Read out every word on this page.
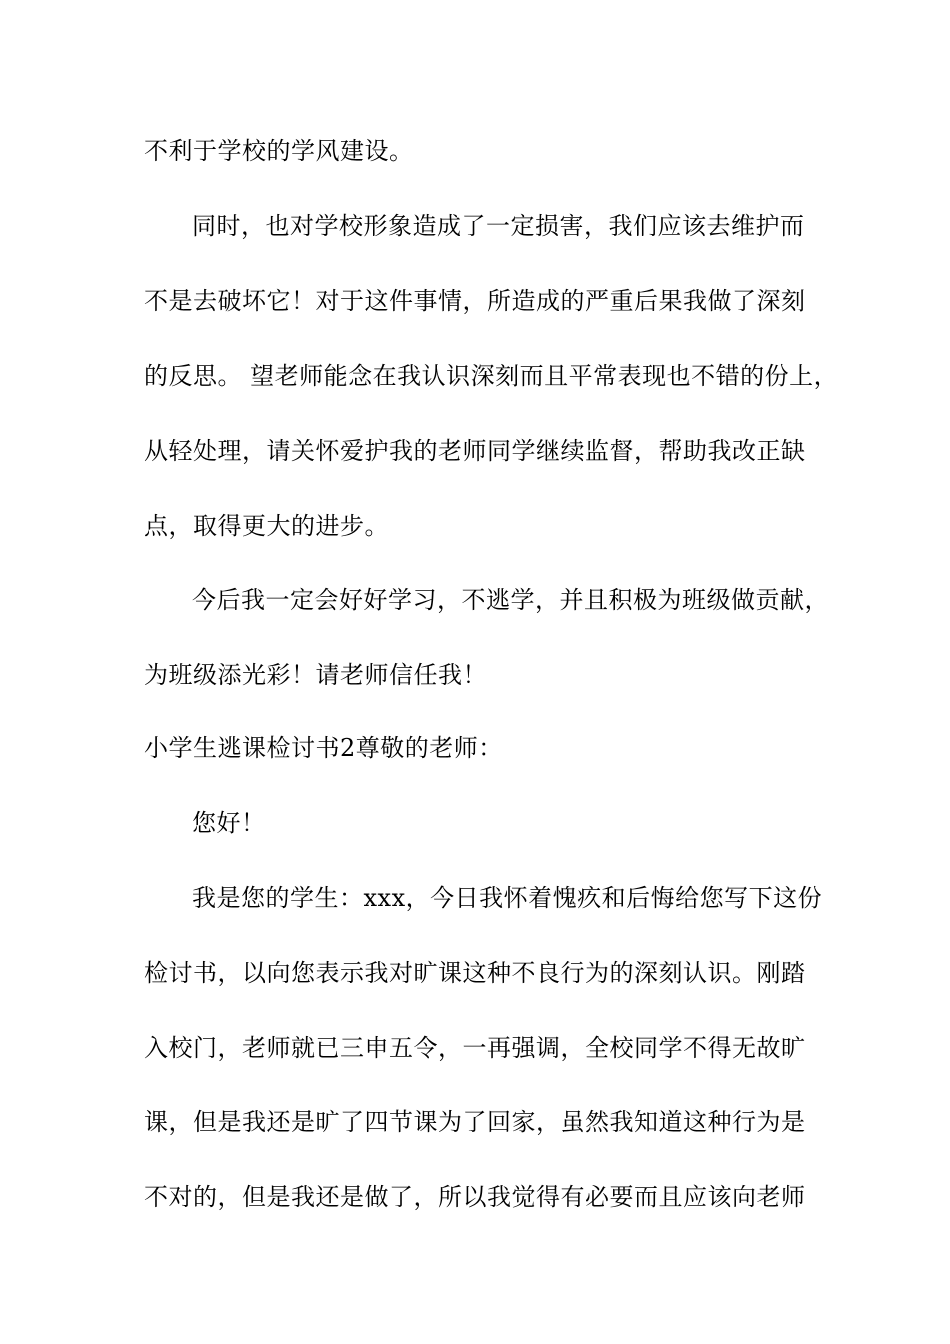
不利于学校的学风建设。
同时，也对学校形象造成了一定损害，我们应该去维护而
不是去破坏它！对于这件事情，所造成的严重后果我做了深刻
的反思。 望老师能念在我认识深刻而且平常表现也不错的份上，
从轻处理，请关怀爱护我的老师同学继续监督，帮助我改正缺
点，取得更大的进步。
今后我一定会好好学习，不逃学，并且积极为班级做贡献，
为班级添光彩！请老师信任我！
小学生逃课检讨书2尊敬的老师：
您好！
我是您的学生：xxx，今日我怀着愧疚和后悔给您写下这份
检讨书，以向您表示我对旷课这种不良行为的深刻认识。刚踏
入校门，老师就已三申五令，一再强调，全校同学不得无故旷
课，但是我还是旷了四节课为了回家，虽然我知道这种行为是
不对的，但是我还是做了，所以我觉得有必要而且应该向老师
